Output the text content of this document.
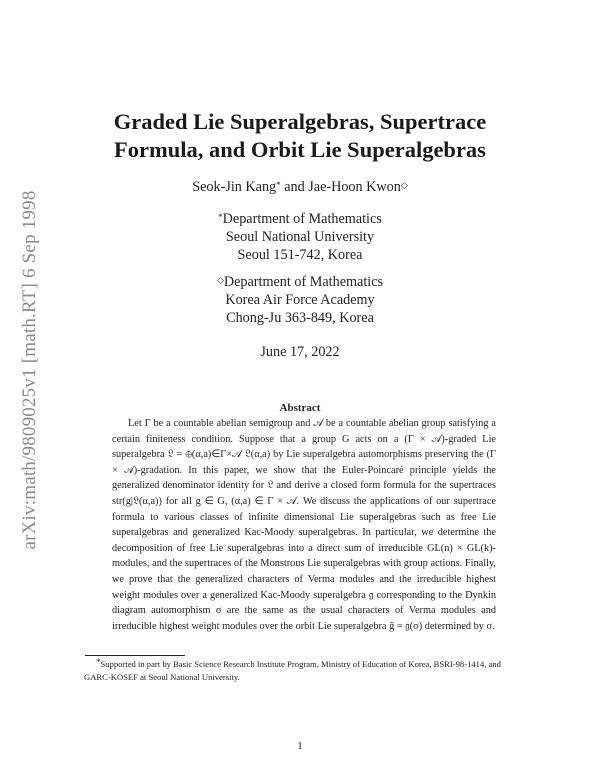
arXiv:math/9809025v1 [math.RT] 6 Sep 1998
Graded Lie Superalgebras, Supertrace
Formula, and Orbit Lie Superalgebras
Seok-Jin Kang* and Jae-Hoon Kwon◇
*Department of Mathematics
Seoul National University
Seoul 151-742, Korea
◇Department of Mathematics
Korea Air Force Academy
Chong-Ju 363-849, Korea
June 17, 2022
Abstract

Let Γ be a countable abelian semigroup and 𝒜 be a countable abelian group satisfying a certain finiteness condition. Suppose that a group G acts on a (Γ × 𝒜)-graded Lie superalgebra 𝔏 = ⊕(α,a)∈Γ×𝒜 𝔏(α,a) by Lie superalgebra automorphisms preserving the (Γ × 𝒜)-gradation. In this paper, we show that the Euler-Poincaré principle yields the generalized denominator identity for 𝔏 and derive a closed form formula for the supertraces str(g|𝔏(α,a)) for all g ∈ G, (α,a) ∈ Γ × 𝒜. We discuss the applications of our supertrace formula to various classes of infinite dimensional Lie superalgebras such as free Lie superalgebras and generalized Kac-Moody superalgebras. In particular, we determine the decomposition of free Lie superalgebras into a direct sum of irreducible GL(n) × GL(k)-modules, and the supertraces of the Monstrous Lie superalgebras with group actions. Finally, we prove that the generalized characters of Verma modules and the irreducible highest weight modules over a generalized Kac-Moody superalgebra 𝔤 corresponding to the Dynkin diagram automorphism σ are the same as the usual characters of Verma modules and irreducible highest weight modules over the orbit Lie superalgebra ğ = 𝔤(σ) determined by σ.

*Supported in part by Basic Science Research Institute Program, Ministry of Education of Korea, BSRI-98-1414, and GARC-KOSEF at Seoul National University.

1
